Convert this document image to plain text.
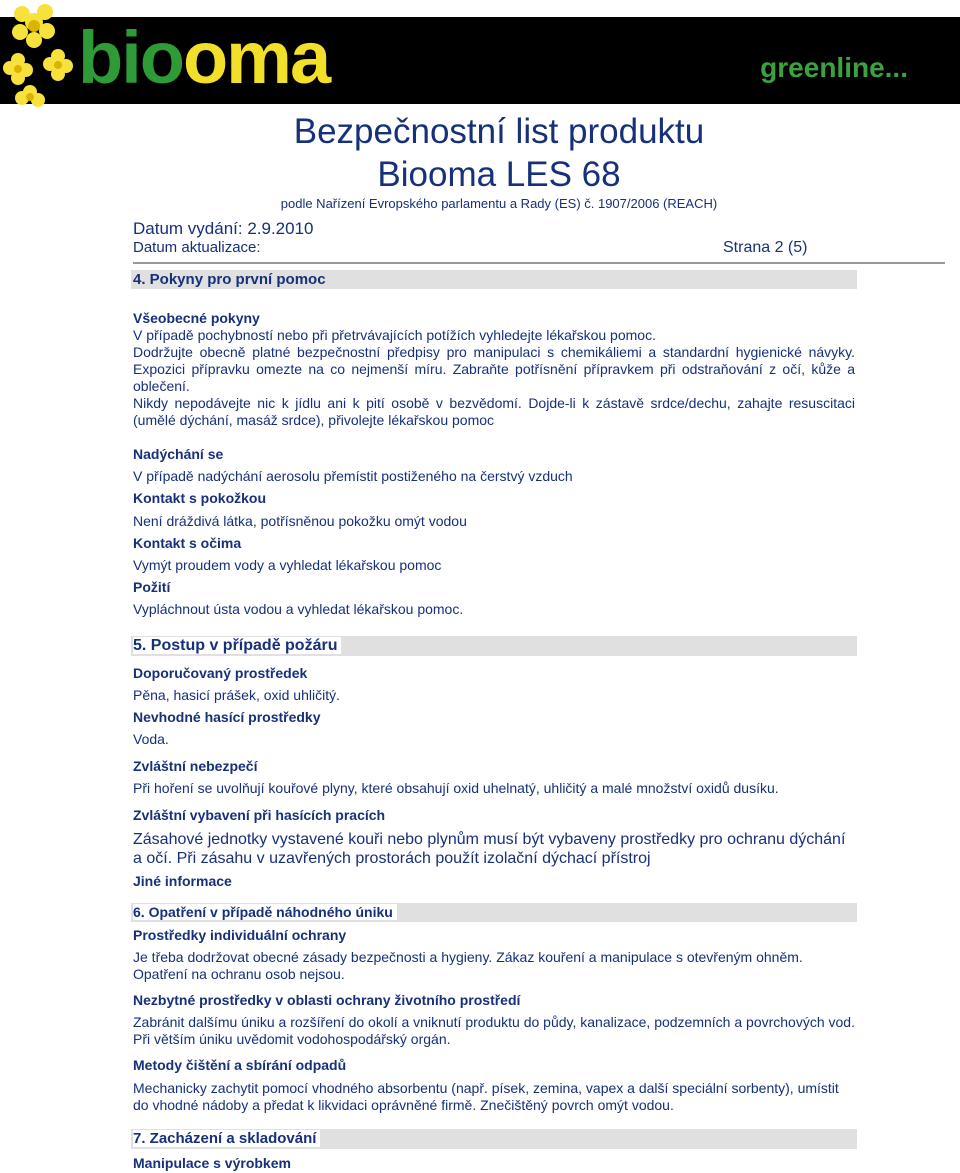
biooma	greenline...
Bezpečnostní list produktu
Biooma LES 68
podle Nařízení Evropského parlamentu a Rady (ES) č. 1907/2006 (REACH)
Datum vydání: 2.9.2010
Datum aktualizace:	Strana 2 (5)
4. Pokyny pro první pomoc
Všeobecné pokyny
V případě pochybností nebo při přetrvávajících potížích vyhledejte lékařskou pomoc.
Dodržujte obecně platné bezpečnostní předpisy pro manipulaci s chemikáliemi a standardní hygienické návyky. Expozici přípravku omezte na co nejmenší míru. Zabraňte potřísnění přípravkem při odstraňování z očí, kůže a oblečení.
Nikdy nepodávejte nic k jídlu ani k pití osobě v bezvědomí. Dojde-li k zástavě srdce/dechu, zahajte resuscitaci (umělé dýchání, masáž srdce), přivolejte lékařskou pomoc
Nadýchání se
V případě nadýchání aerosolu přemístit postiženého na čerstvý vzduch
Kontakt s pokožkou
Není dráždivá látka, potřísněnou pokožku omýt vodou
Kontakt s očima
Vymýt proudem vody a vyhledat lékařskou pomoc
Požití
Vypláchnout ústa vodou a vyhledat lékařskou pomoc.
5. Postup v případě požáru
Doporučovaný prostředek
Pěna, hasicí prášek, oxid uhličitý.
Nevhodné hasící prostředky
Voda.
Zvláštní nebezpečí
Při hoření se uvolňují kouřové plyny, které obsahují oxid uhelnatý, uhličitý a malé množství oxidů dusíku.
Zvláštní vybavení při hasících pracích
Zásahové jednotky vystavené kouři nebo plynům musí být vybaveny prostředky pro ochranu dýchání a očí. Při zásahu v uzavřených prostorách použít izolační dýchací přístroj
Jiné informace
6. Opatření v případě náhodného úniku
Prostředky individuální ochrany
Je třeba dodržovat obecné zásady bezpečnosti a hygieny. Zákaz kouření a manipulace s otevřeným ohněm. Opatření na ochranu osob nejsou.
Nezbytné prostředky v oblasti ochrany životního prostředí
Zabránit dalšímu úniku a rozšíření do okolí a vniknutí produktu do půdy, kanalizace, podzemních a povrchových vod. Při větším úniku uvědomit vodohospodářský orgán.
Metody čištění a sbírání odpadů
Mechanicky zachytit pomocí vhodného absorbentu (např. písek, zemina, vapex a další speciální sorbenty), umístit do vhodné nádoby a předat k likvidaci oprávněné firmě. Znečištěný povrch omýt vodou.
7. Zacházení a skladování
Manipulace s výrobkem
